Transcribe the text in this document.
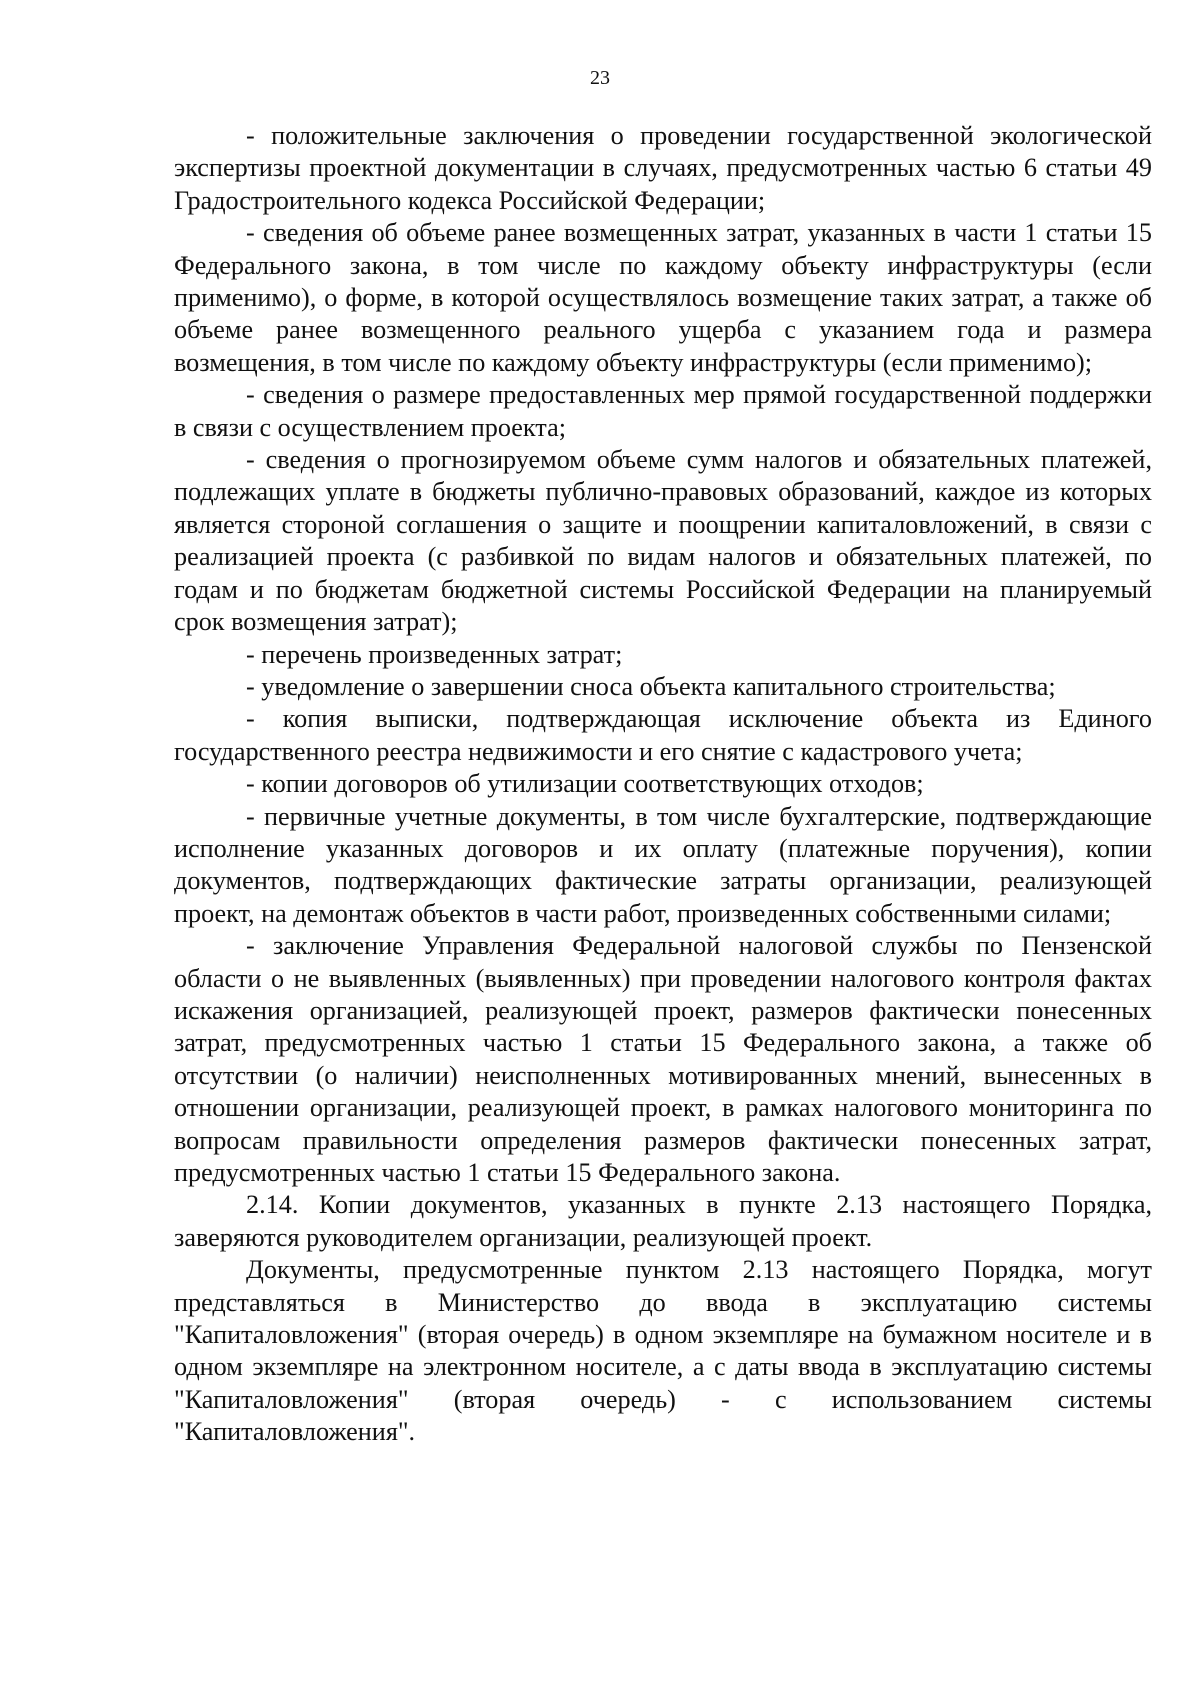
23

- положительные заключения о проведении государственной экологической экспертизы проектной документации в случаях, предусмотренных частью 6 статьи 49 Градостроительного кодекса Российской Федерации;

- сведения об объеме ранее возмещенных затрат, указанных в части 1 статьи 15 Федерального закона, в том числе по каждому объекту инфраструктуры (если применимо), о форме, в которой осуществлялось возмещение таких затрат, а также об объеме ранее возмещенного реального ущерба с указанием года и размера возмещения, в том числе по каждому объекту инфраструктуры (если применимо);

- сведения о размере предоставленных мер прямой государственной поддержки в связи с осуществлением проекта;

- сведения о прогнозируемом объеме сумм налогов и обязательных платежей, подлежащих уплате в бюджеты публично-правовых образований, каждое из которых является стороной соглашения о защите и поощрении капиталовложений, в связи с реализацией проекта (с разбивкой по видам налогов и обязательных платежей, по годам и по бюджетам бюджетной системы Российской Федерации на планируемый срок возмещения затрат);

- перечень произведенных затрат;

- уведомление о завершении сноса объекта капитального строительства;

- копия выписки, подтверждающая исключение объекта из Единого государственного реестра недвижимости и его снятие с кадастрового учета;

- копии договоров об утилизации соответствующих отходов;

- первичные учетные документы, в том числе бухгалтерские, подтверждающие исполнение указанных договоров и их оплату (платежные поручения), копии документов, подтверждающих фактические затраты организации, реализующей проект, на демонтаж объектов в части работ, произведенных собственными силами;

- заключение Управления Федеральной налоговой службы по Пензенской области о не выявленных (выявленных) при проведении налогового контроля фактах искажения организацией, реализующей проект, размеров фактически понесенных затрат, предусмотренных частью 1 статьи 15 Федерального закона, а также об отсутствии (о наличии) неисполненных мотивированных мнений, вынесенных в отношении организации, реализующей проект, в рамках налогового мониторинга по вопросам правильности определения размеров фактически понесенных затрат, предусмотренных частью 1 статьи 15 Федерального закона.

2.14. Копии документов, указанных в пункте 2.13 настоящего Порядка, заверяются руководителем организации, реализующей проект.

Документы, предусмотренные пунктом 2.13 настоящего Порядка, могут представляться в Министерство до ввода в эксплуатацию системы "Капиталовложения" (вторая очередь) в одном экземпляре на бумажном носителе и в одном экземпляре на электронном носителе, а с даты ввода в эксплуатацию системы "Капиталовложения" (вторая очередь) - с использованием системы "Капиталовложения".
